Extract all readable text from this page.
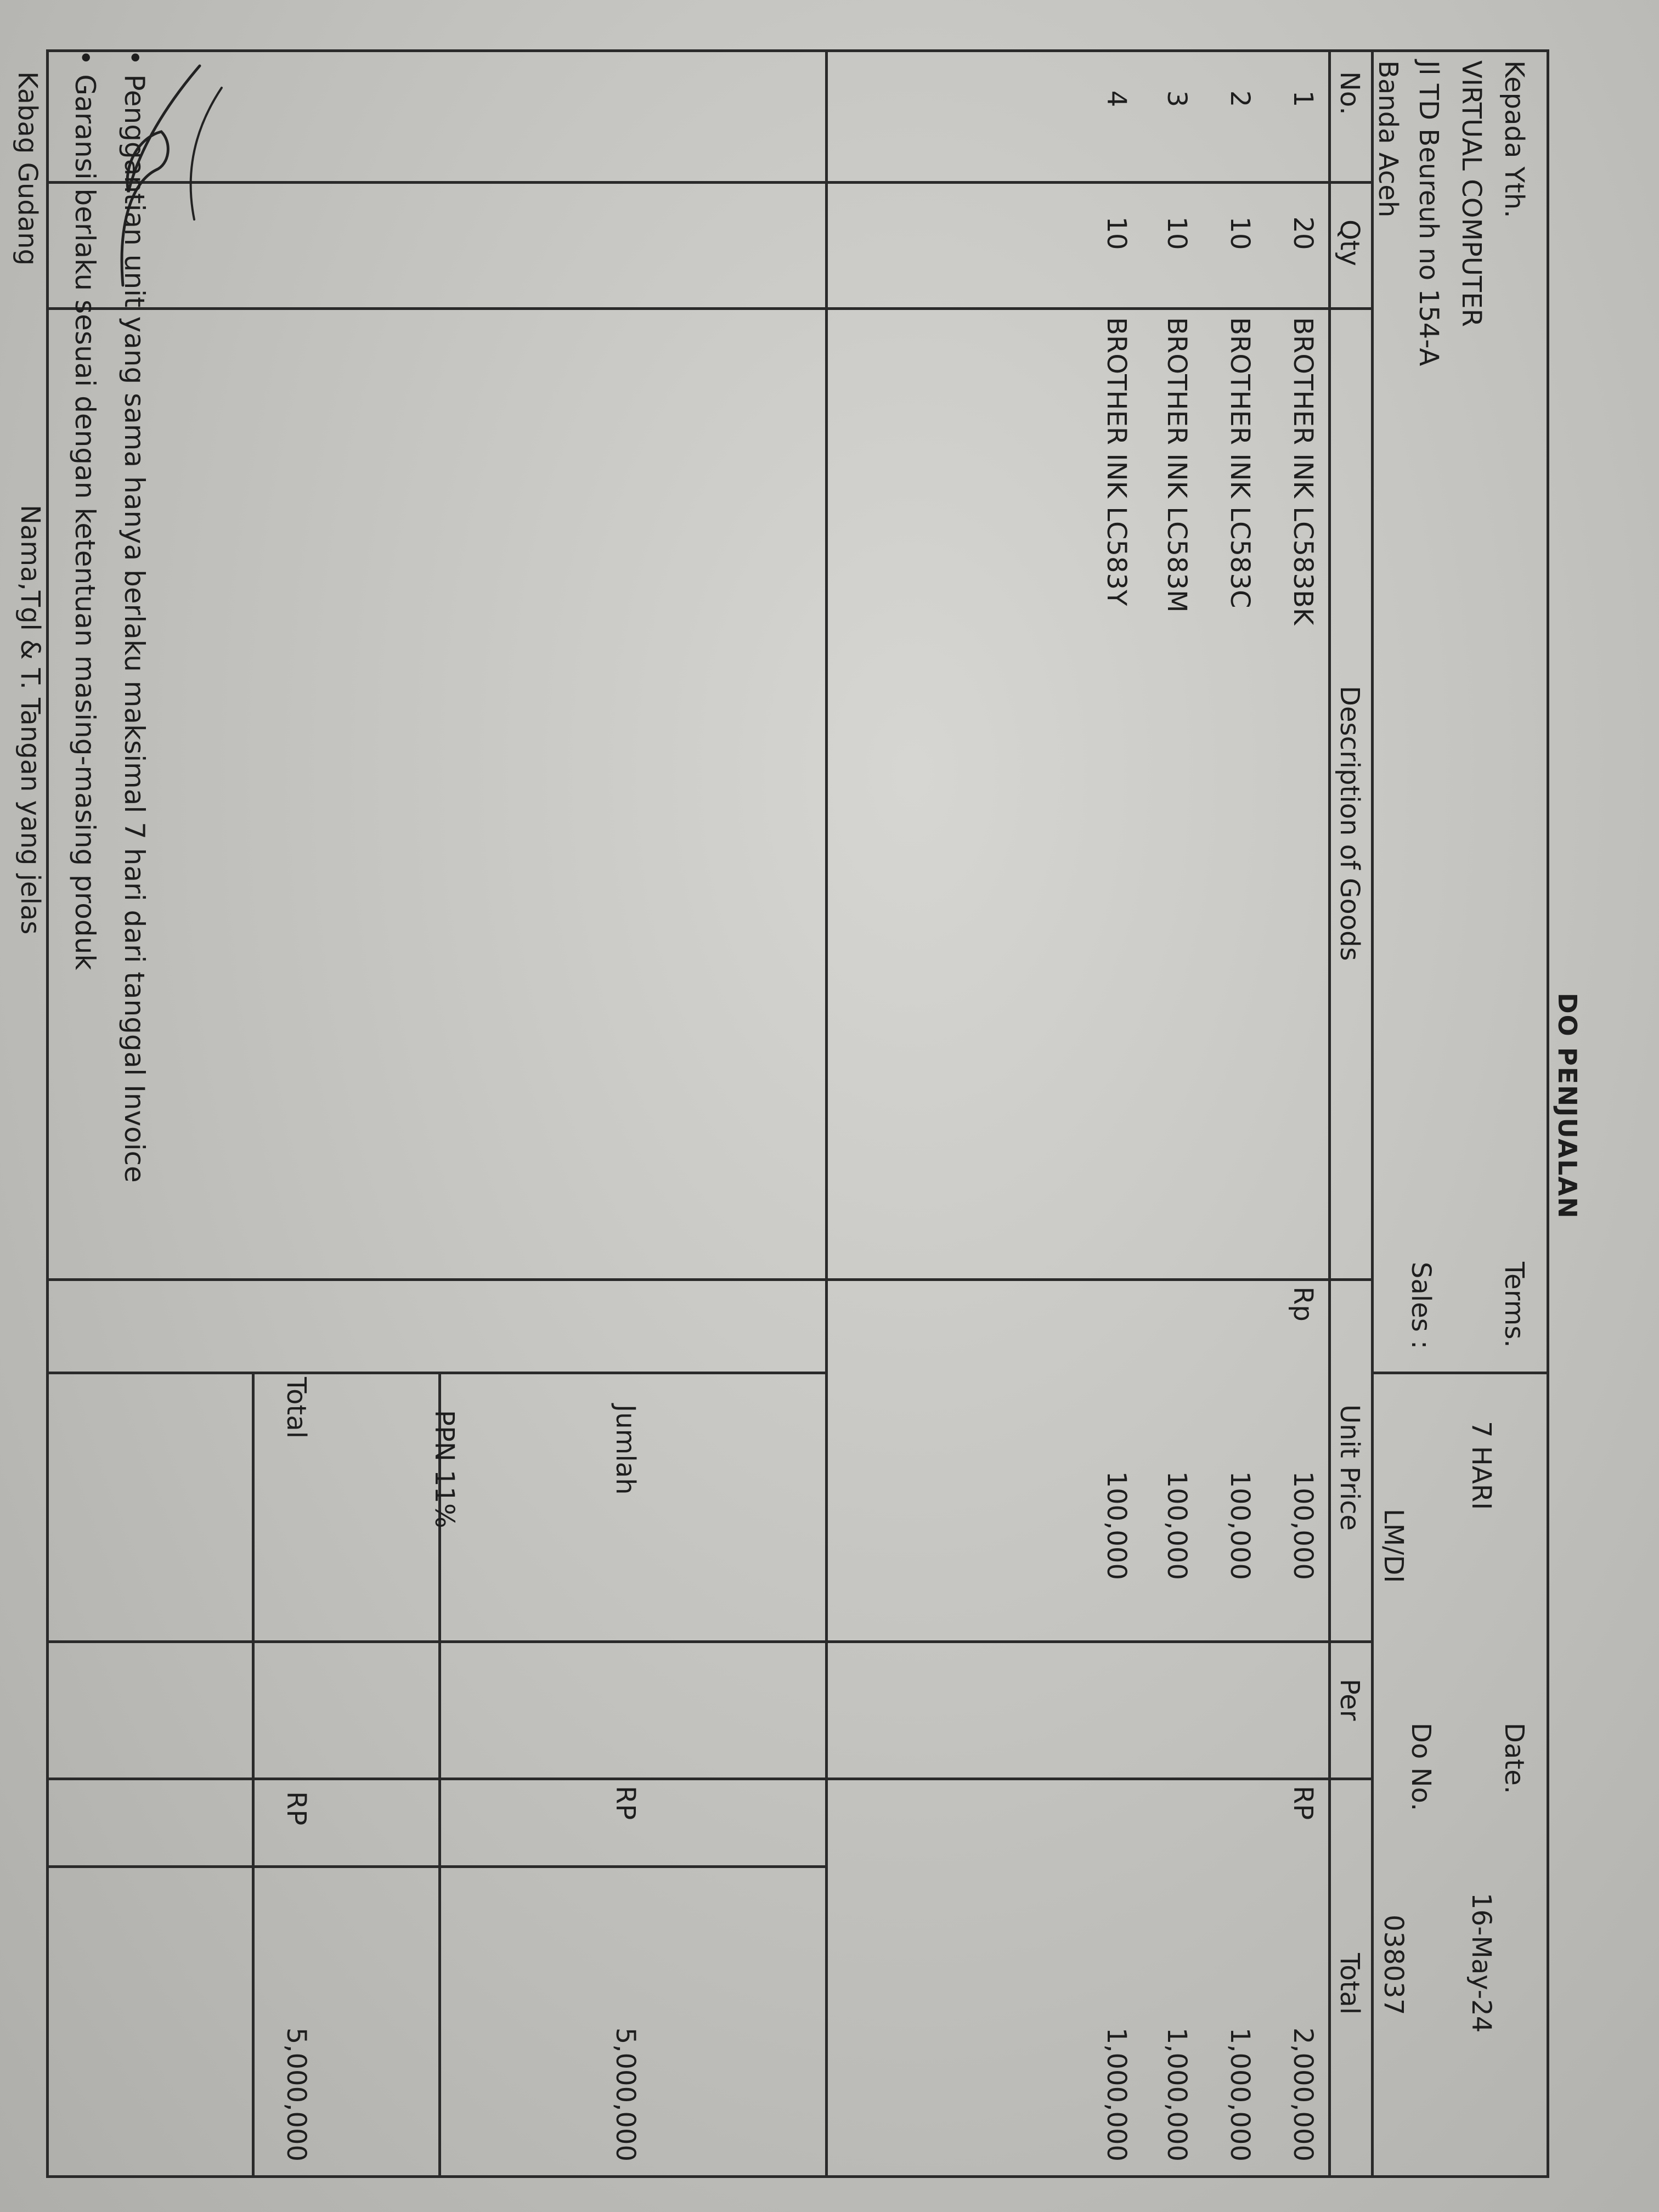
DO PENJUALAN
Kepada Yth.
VIRTUAL COMPUTER
Jl TD Beureuh no 154-A
Banda Aceh
Terms.
7 HARI
Date.
16-May-24
Sales :
LM/DI
Do No.
038037
No.
Qty
Description of Goods
Unit Price
Per
Total
1
20
BROTHER INK LC583BK
Rp
100,000
RP
2,000,000
2
10
BROTHER INK LC583C
100,000
1,000,000
3
10
BROTHER INK LC583M
100,000
1,000,000
4
10
BROTHER INK LC583Y
100,000
1,000,000
Jumlah
RP
5,000,000
PPN 11%
Total
RP
5,000,000
Kabag Gudang
Nama,Tgl & T. Tangan yang jelas
• Penggantian unit yang sama hanya berlaku maksimal 7 hari dari tanggal Invoice
• Garansi berlaku sesuai dengan ketentuan masing-masing produk
